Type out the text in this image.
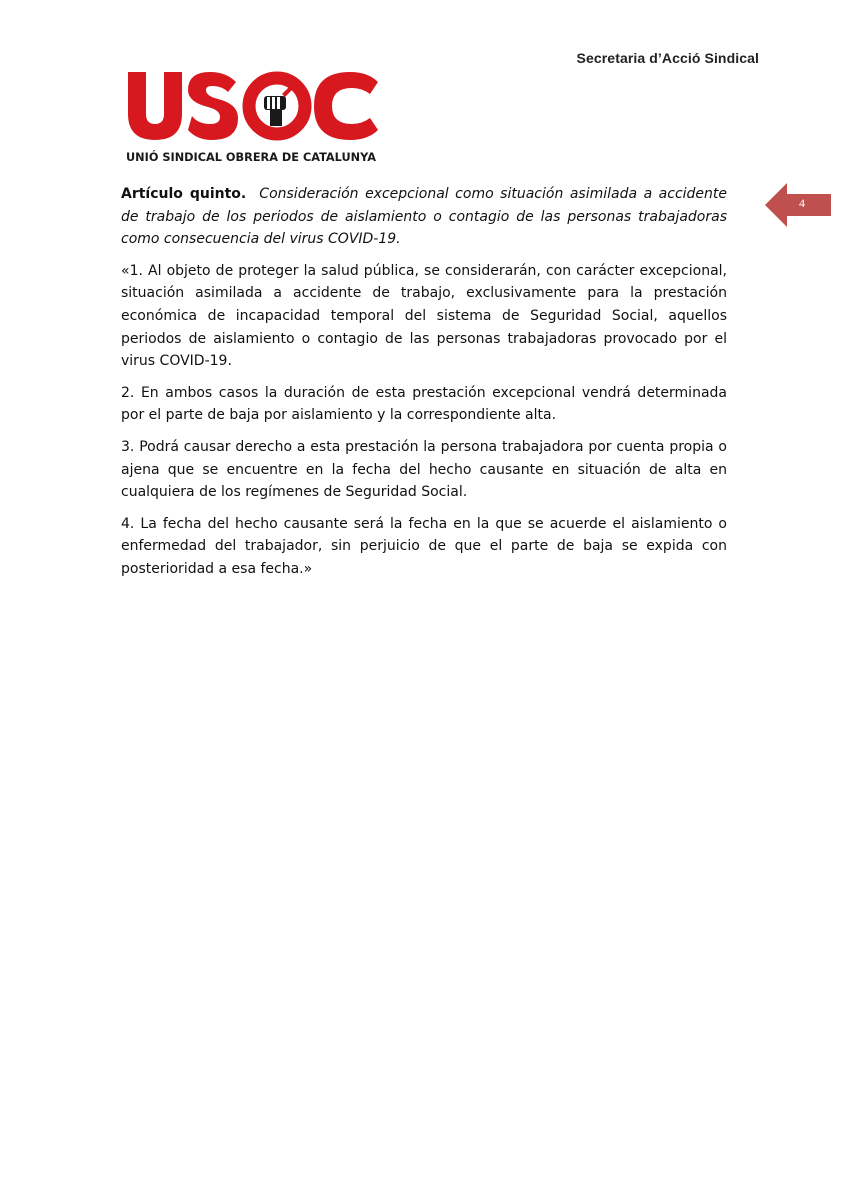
Secretaria d’Acció Sindical
UNIÓ SINDICAL OBRERA DE CATALUNYA
4

Artículo quinto. Consideración excepcional como situación asimilada a accidente de trabajo de los periodos de aislamiento o contagio de las personas trabajadoras como consecuencia del virus COVID-19.

«1. Al objeto de proteger la salud pública, se considerarán, con carácter excepcional, situación asimilada a accidente de trabajo, exclusivamente para la prestación económica de incapacidad temporal del sistema de Seguridad Social, aquellos periodos de aislamiento o contagio de las personas trabajadoras provocado por el virus COVID-19.

2. En ambos casos la duración de esta prestación excepcional vendrá determinada por el parte de baja por aislamiento y la correspondiente alta.

3. Podrá causar derecho a esta prestación la persona trabajadora por cuenta propia o ajena que se encuentre en la fecha del hecho causante en situación de alta en cualquiera de los regímenes de Seguridad Social.

4. La fecha del hecho causante será la fecha en la que se acuerde el aislamiento o enfermedad del trabajador, sin perjuicio de que el parte de baja se expida con posterioridad a esa fecha.»
